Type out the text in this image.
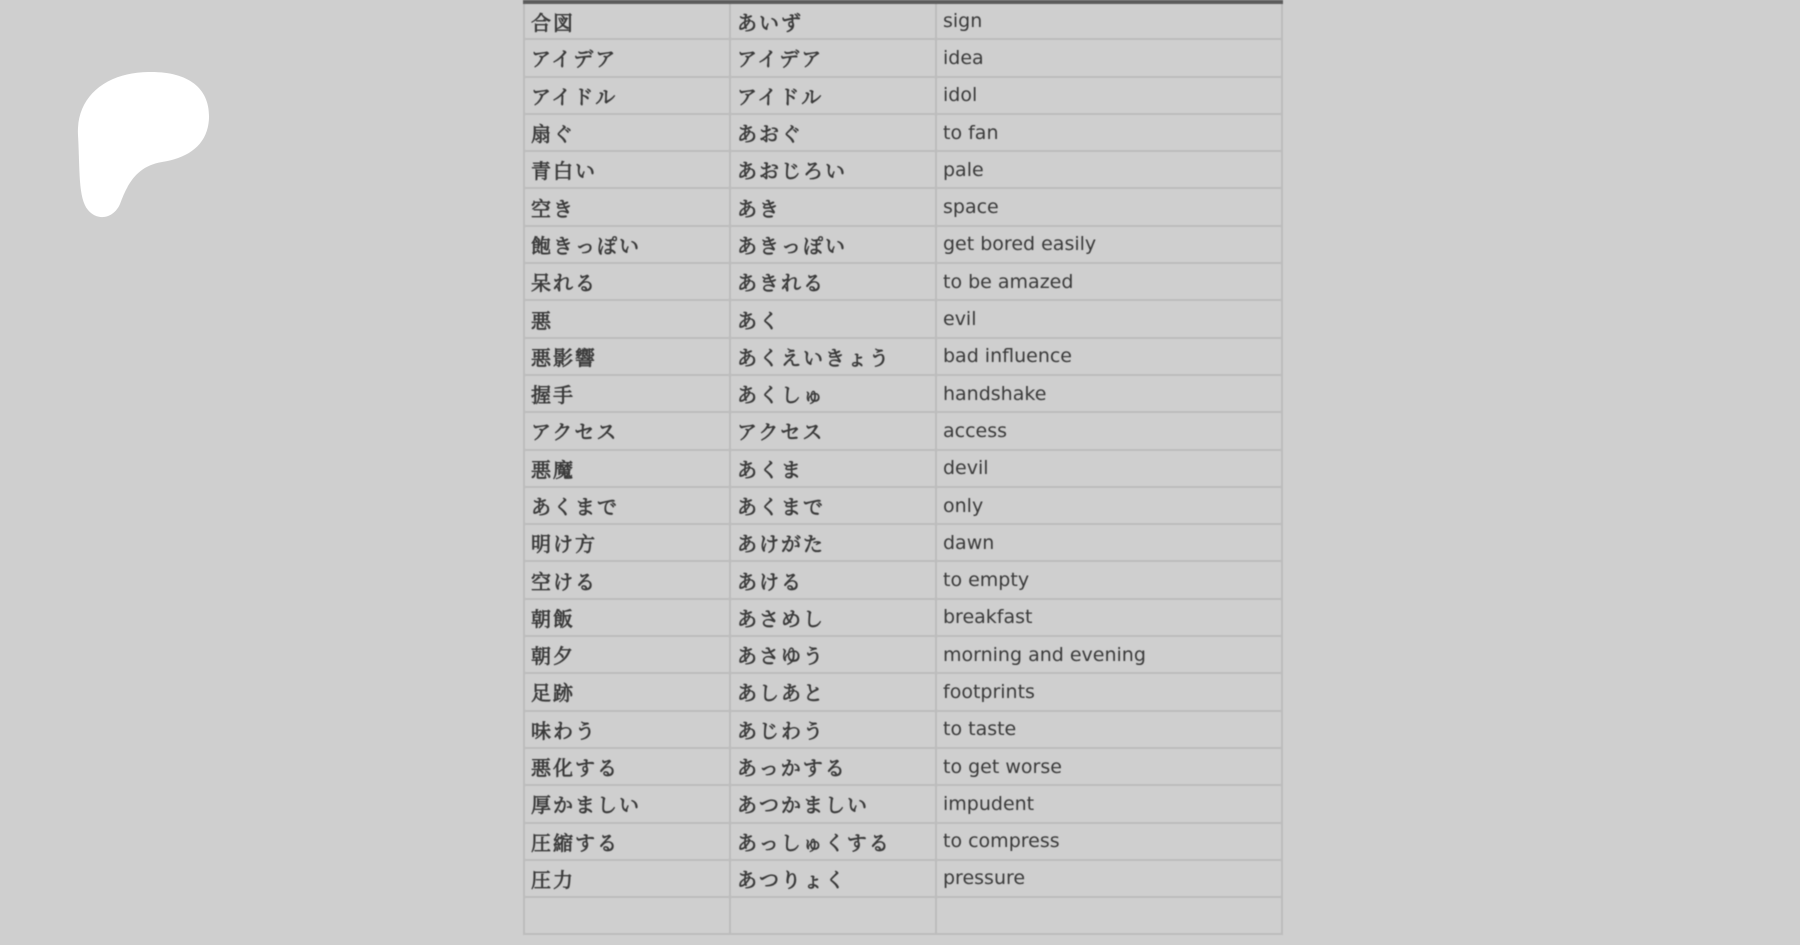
合図	あいず	sign
アイデア	アイデア	idea
アイドル	アイドル	idol
扇ぐ	あおぐ	to fan
青白い	あおじろい	pale
空き	あき	space
飽きっぽい	あきっぽい	get bored easily
呆れる	あきれる	to be amazed
悪	あく	evil
悪影響	あくえいきょう	bad influence
握手	あくしゅ	handshake
アクセス	アクセス	access
悪魔	あくま	devil
あくまで	あくまで	only
明け方	あけがた	dawn
空ける	あける	to empty
朝飯	あさめし	breakfast
朝夕	あさゆう	morning and evening
足跡	あしあと	footprints
味わう	あじわう	to taste
悪化する	あっかする	to get worse
厚かましい	あつかましい	impudent
圧縮する	あっしゅくする	to compress
圧力	あつりょく	pressure
